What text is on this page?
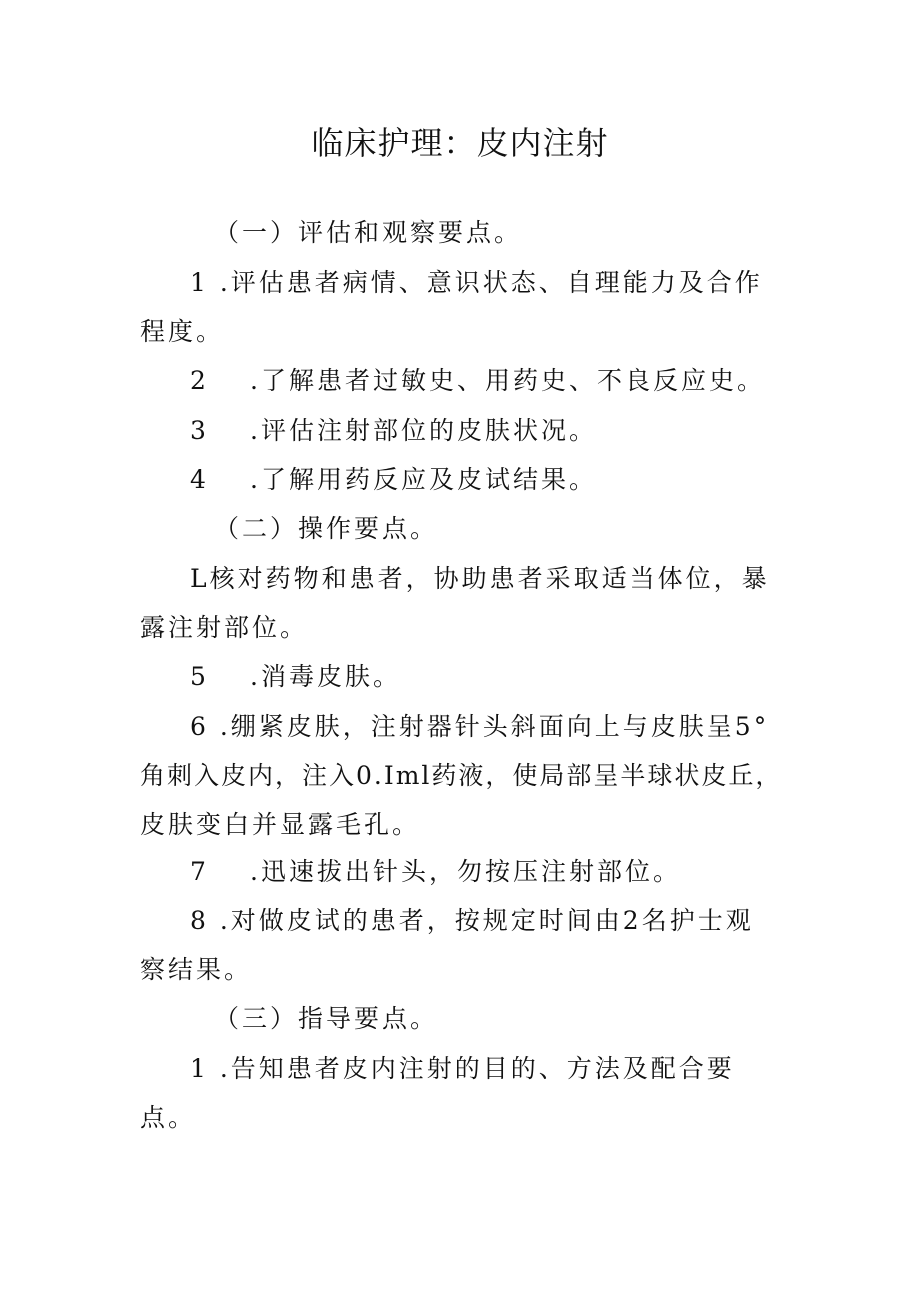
临床护理：皮内注射
（一）评估和观察要点。
1 .评估患者病情、意识状态、自理能力及合作
程度。
2 .了解患者过敏史、用药史、不良反应史。
3 .评估注射部位的皮肤状况。
4 .了解用药反应及皮试结果。
（二）操作要点。
L核对药物和患者，协助患者采取适当体位，暴
露注射部位。
5 .消毒皮肤。
6 .绷紧皮肤，注射器针头斜面向上与皮肤呈5°
角刺入皮内，注入0.Iml药液，使局部呈半球状皮丘，
皮肤变白并显露毛孔。
7 .迅速拔出针头，勿按压注射部位。
8 .对做皮试的患者，按规定时间由2名护士观
察结果。
（三）指导要点。
1 .告知患者皮内注射的目的、方法及配合要
点。
